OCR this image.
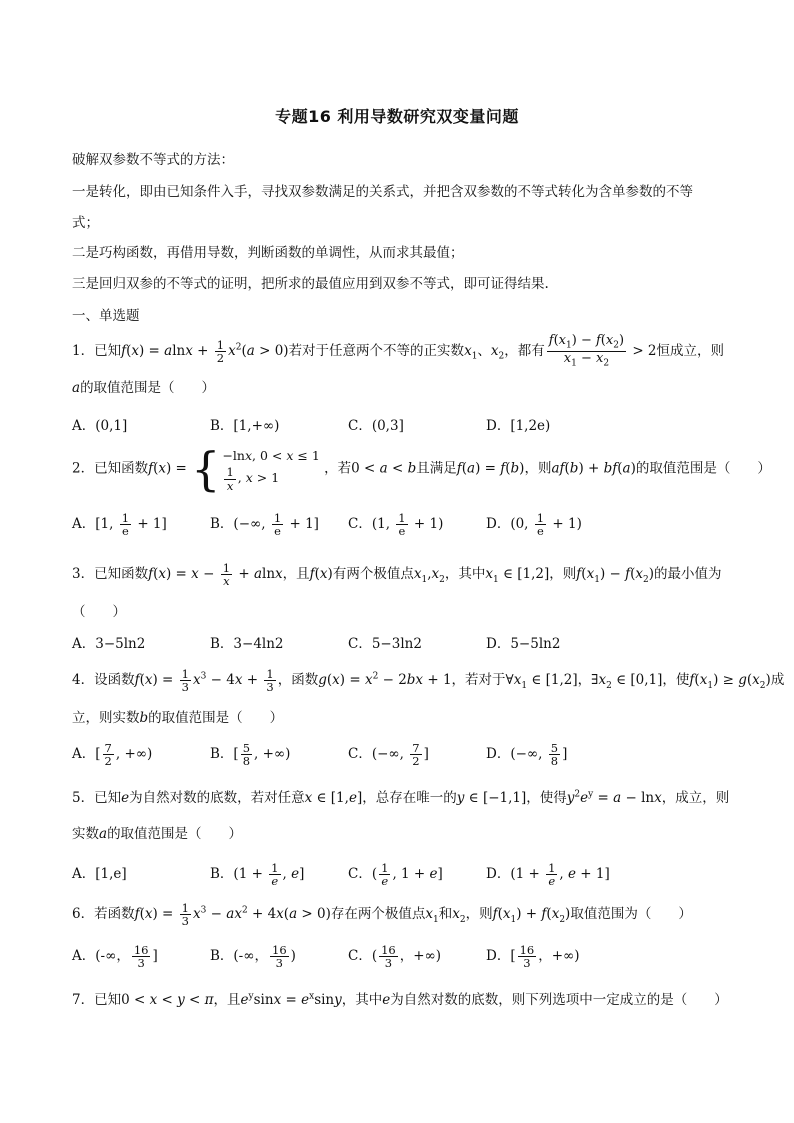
专题16 利用导数研究双变量问题
破解双参数不等式的方法：
一是转化，即由已知条件入手，寻找双参数满足的关系式，并把含双参数的不等式转化为含单参数的不等
式；
二是巧构函数，再借用导数，判断函数的单调性，从而求其最值；
三是回归双参的不等式的证明，把所求的最值应用到双参不等式，即可证得结果.
一、单选题
1．已知$f(x) = alnx + \frac{1}{2} x^2(a > 0)$若对于任意两个不等的正实数$x_1$、$x_2$，都有 $\frac{f(x_1) - f(x_2)}{x_1 - x_2} > 2$恒成立，则
a的取值范围是（　　）
A．(0,1]	B．[1,+∞)	C．(0,3]	D．[1,2e)
2．已知函数f(x) = { −lnx, 0 < x ≤ 1
$\frac{1}{x}$ , x > 1
，若0 < a < b且满足f(a) = f(b)，则af(b) + bf(a)的取值范围是（　　）
A．[1, $\frac{1}{e} + 1$]	B．(−∞, $\frac{1}{e} + 1$] C．(1, $\frac{1}{e} + 1$)	D．(0, $\frac{1}{e} + 1$)
3．已知函数$f(x) = x - \frac{1}{x} + alnx$，且f(x)有两个极值点$x_1,x_2$，其中$x_1$ ∈ [1,2]，则$f(x_1) - f(x_2)$的最小值为
（　　）
A．3−5ln2	B．3−4ln2	C．5−3ln2	D．5−5ln2
4．设函数$f(x) = \frac{1}{3} x^3 - 4x + \frac{1}{3}$ ，函数$g(x) = x^2 - 2bx + 1$，若对于$\forall x_1$ ∈ [1,2]，$\exists x_2$ ∈ [0,1]，使$f(x_1) \ge g(x_2)$成
立，则实数b的取值范围是（　　）
A．[ $\frac{7}{2}$ , +∞)	B．[ $\frac{5}{8}$ , +∞)	C．(−∞, $\frac{7}{2}$ ]	D．(−∞, $\frac{5}{8}$ ]
5．已知e为自然对数的底数，若对任意x ∈ [1,e]，总存在唯一的y ∈ [−1,1]，使得$y^2e^y = a - \ln x$，成立，则
实数a的取值范围是（　　）
A．[1,e]	B．($1 + \frac{1}{e}$ , e]	C．( $\frac{1}{e}$ , 1 + e]	D．($1 + \frac{1}{e}$ , e + 1]
6．若函数$f(x) = \frac{1}{3} x^3 - ax^2 + 4x(a > 0)$存在两个极值点$x_1$和$x_2$，则$f(x_1) + f(x_2)$取值范围为（　　）
A．(-∞， $\frac{16}{3}$ ]	B．(-∞， $\frac{16}{3}$ )	C．( $\frac{16}{3}$ ，+∞)	D．[ $\frac{16}{3}$ ，+∞)
7．已知0 < x < y < π，且$e^y\sin x = e^x\sin y$，其中e为自然对数的底数，则下列选项中一定成立的是（　　）
